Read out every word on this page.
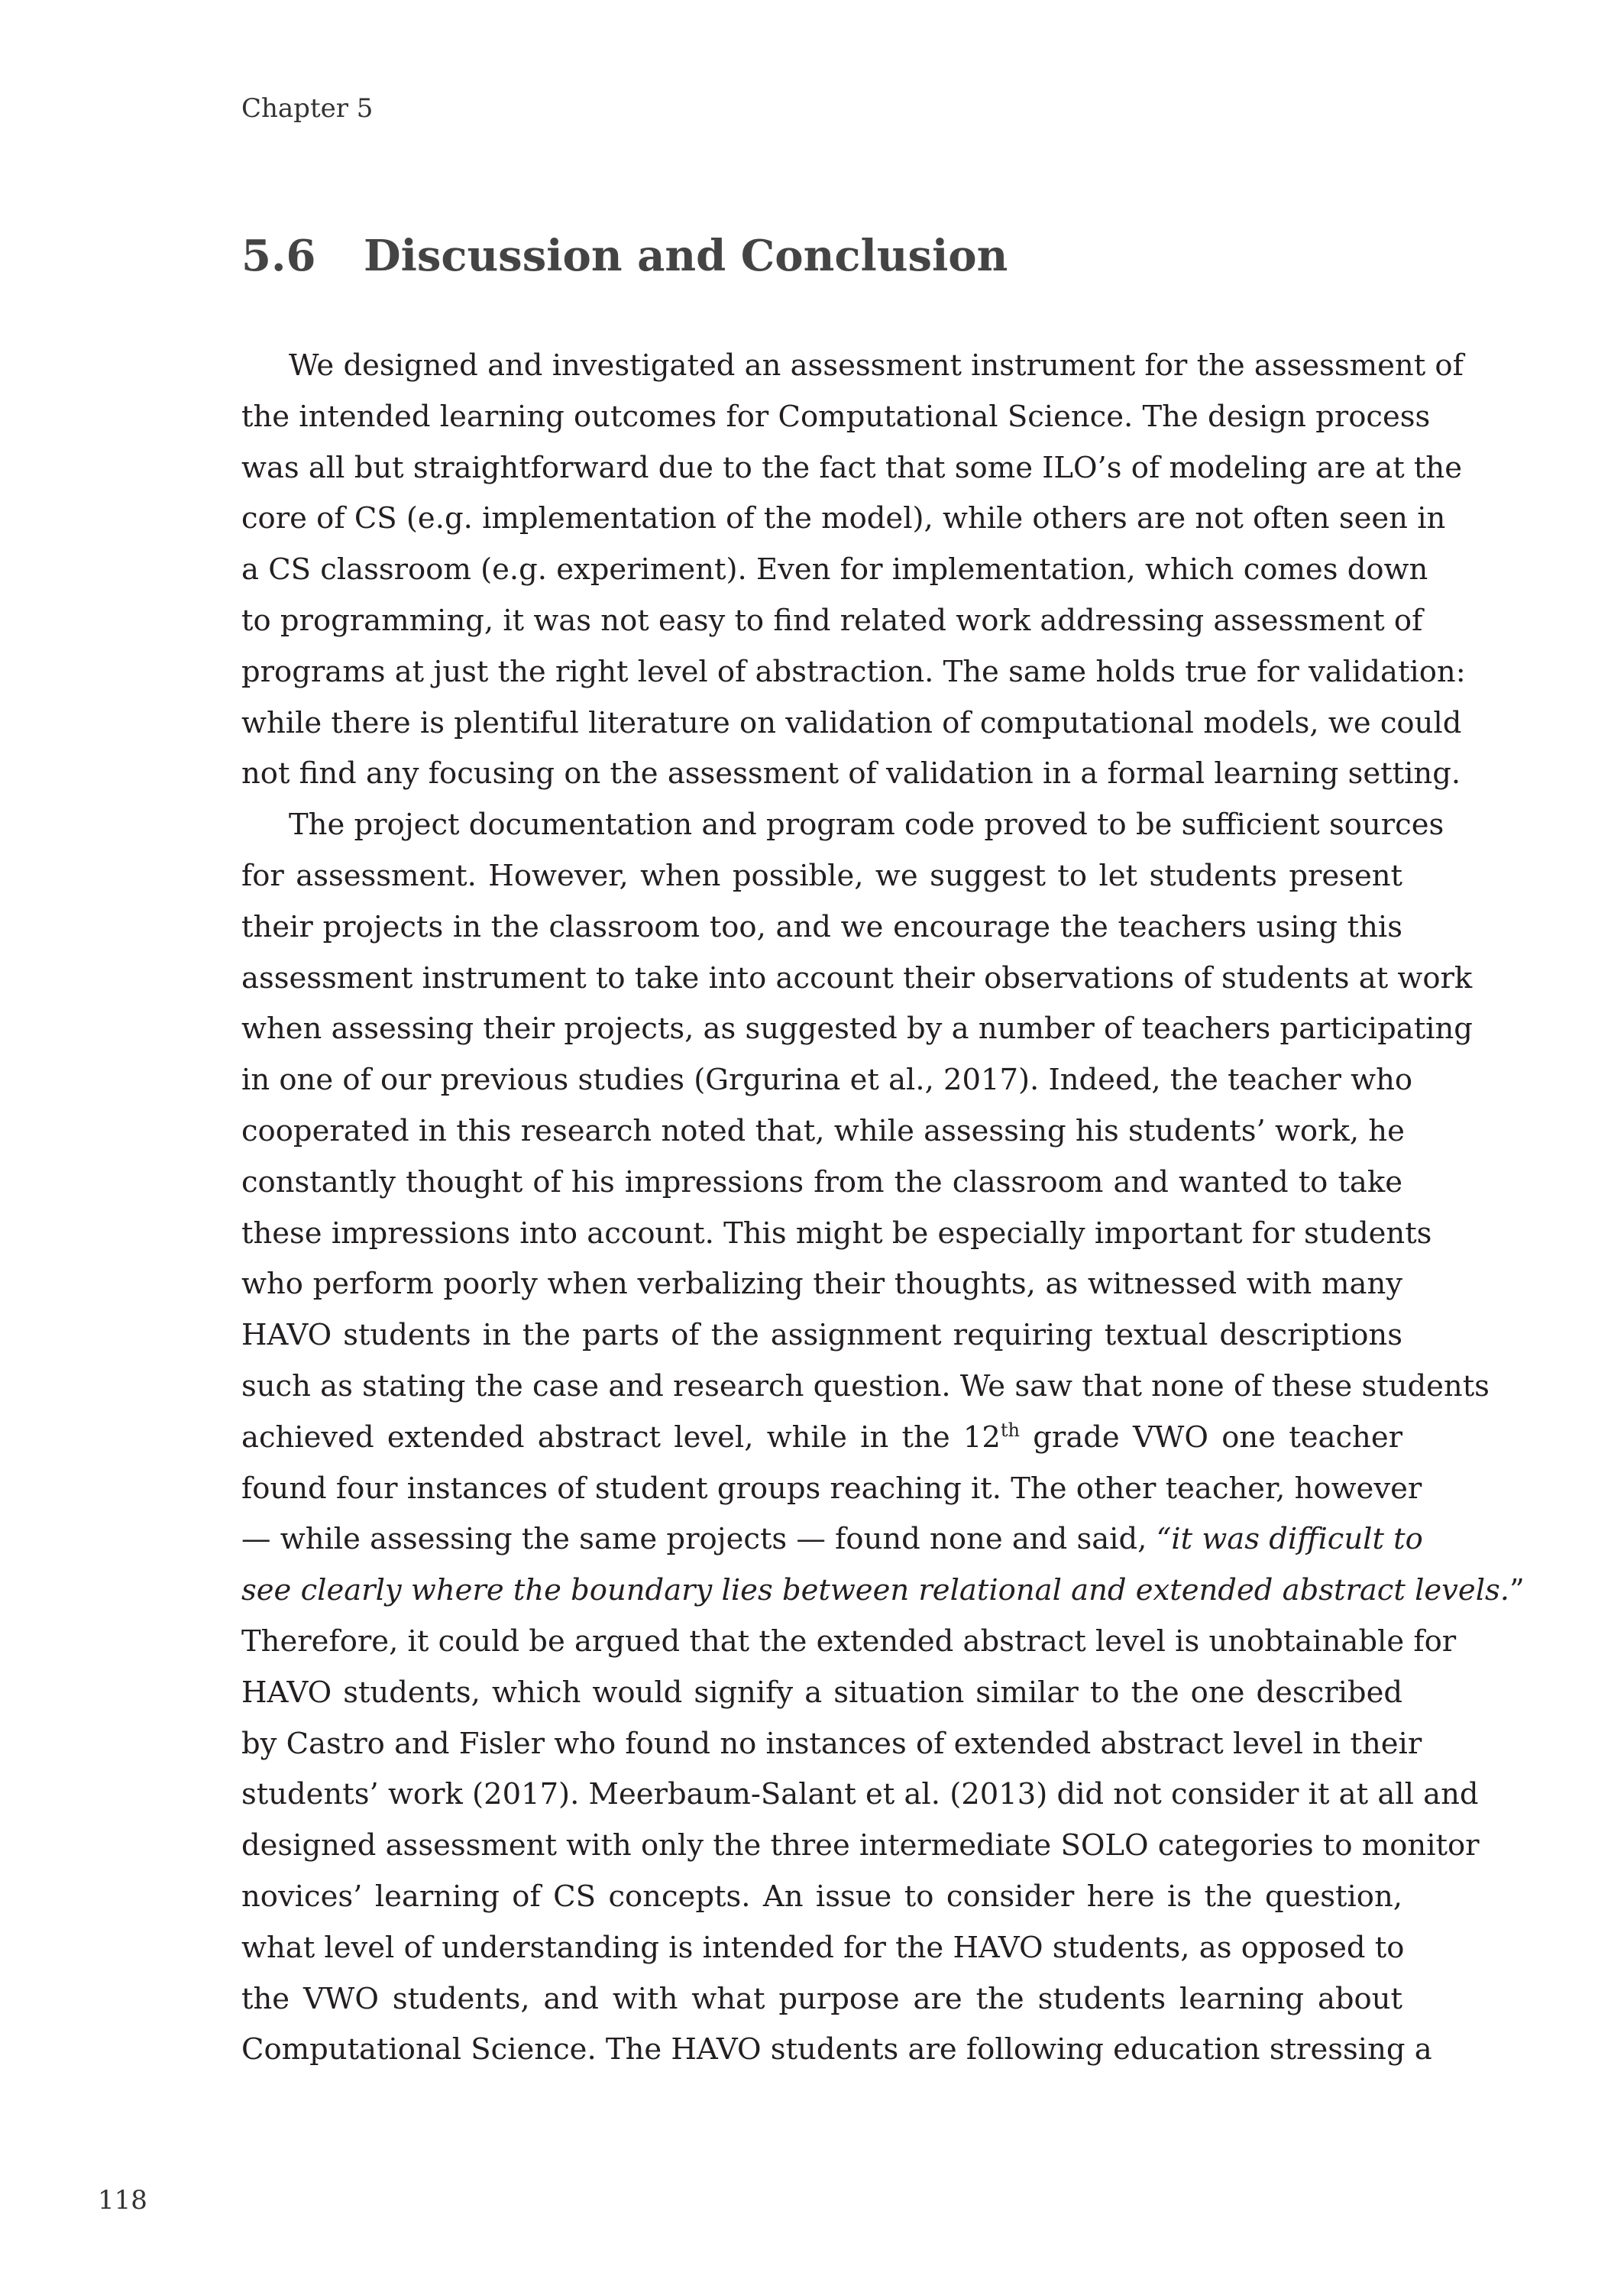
Chapter 5
5.6 Discussion and Conclusion
We designed and investigated an assessment instrument for the assessment of
the intended learning outcomes for Computational Science. The design process
was all but straightforward due to the fact that some ILO’s of modeling are at the
core of CS (e.g. implementation of the model), while others are not often seen in
a CS classroom (e.g. experiment). Even for implementation, which comes down
to programming, it was not easy to find related work addressing assessment of
programs at just the right level of abstraction. The same holds true for validation:
while there is plentiful literature on validation of computational models, we could
not find any focusing on the assessment of validation in a formal learning setting.
The project documentation and program code proved to be sufficient sources
for assessment. However, when possible, we suggest to let students present
their projects in the classroom too, and we encourage the teachers using this
assessment instrument to take into account their observations of students at work
when assessing their projects, as suggested by a number of teachers participating
in one of our previous studies (Grgurina et al., 2017). Indeed, the teacher who
cooperated in this research noted that, while assessing his students’ work, he
constantly thought of his impressions from the classroom and wanted to take
these impressions into account. This might be especially important for students
who perform poorly when verbalizing their thoughts, as witnessed with many
HAVO students in the parts of the assignment requiring textual descriptions
such as stating the case and research question. We saw that none of these students
achieved extended abstract level, while in the 12th grade VWO one teacher
found four instances of student groups reaching it. The other teacher, however
— while assessing the same projects — found none and said, “it was difficult to
see clearly where the boundary lies between relational and extended abstract levels.”
Therefore, it could be argued that the extended abstract level is unobtainable for
HAVO students, which would signify a situation similar to the one described
by Castro and Fisler who found no instances of extended abstract level in their
students’ work (2017). Meerbaum-Salant et al. (2013) did not consider it at all and
designed assessment with only the three intermediate SOLO categories to monitor
novices’ learning of CS concepts. An issue to consider here is the question,
what level of understanding is intended for the HAVO students, as opposed to
the VWO students, and with what purpose are the students learning about
Computational Science. The HAVO students are following education stressing a
118
